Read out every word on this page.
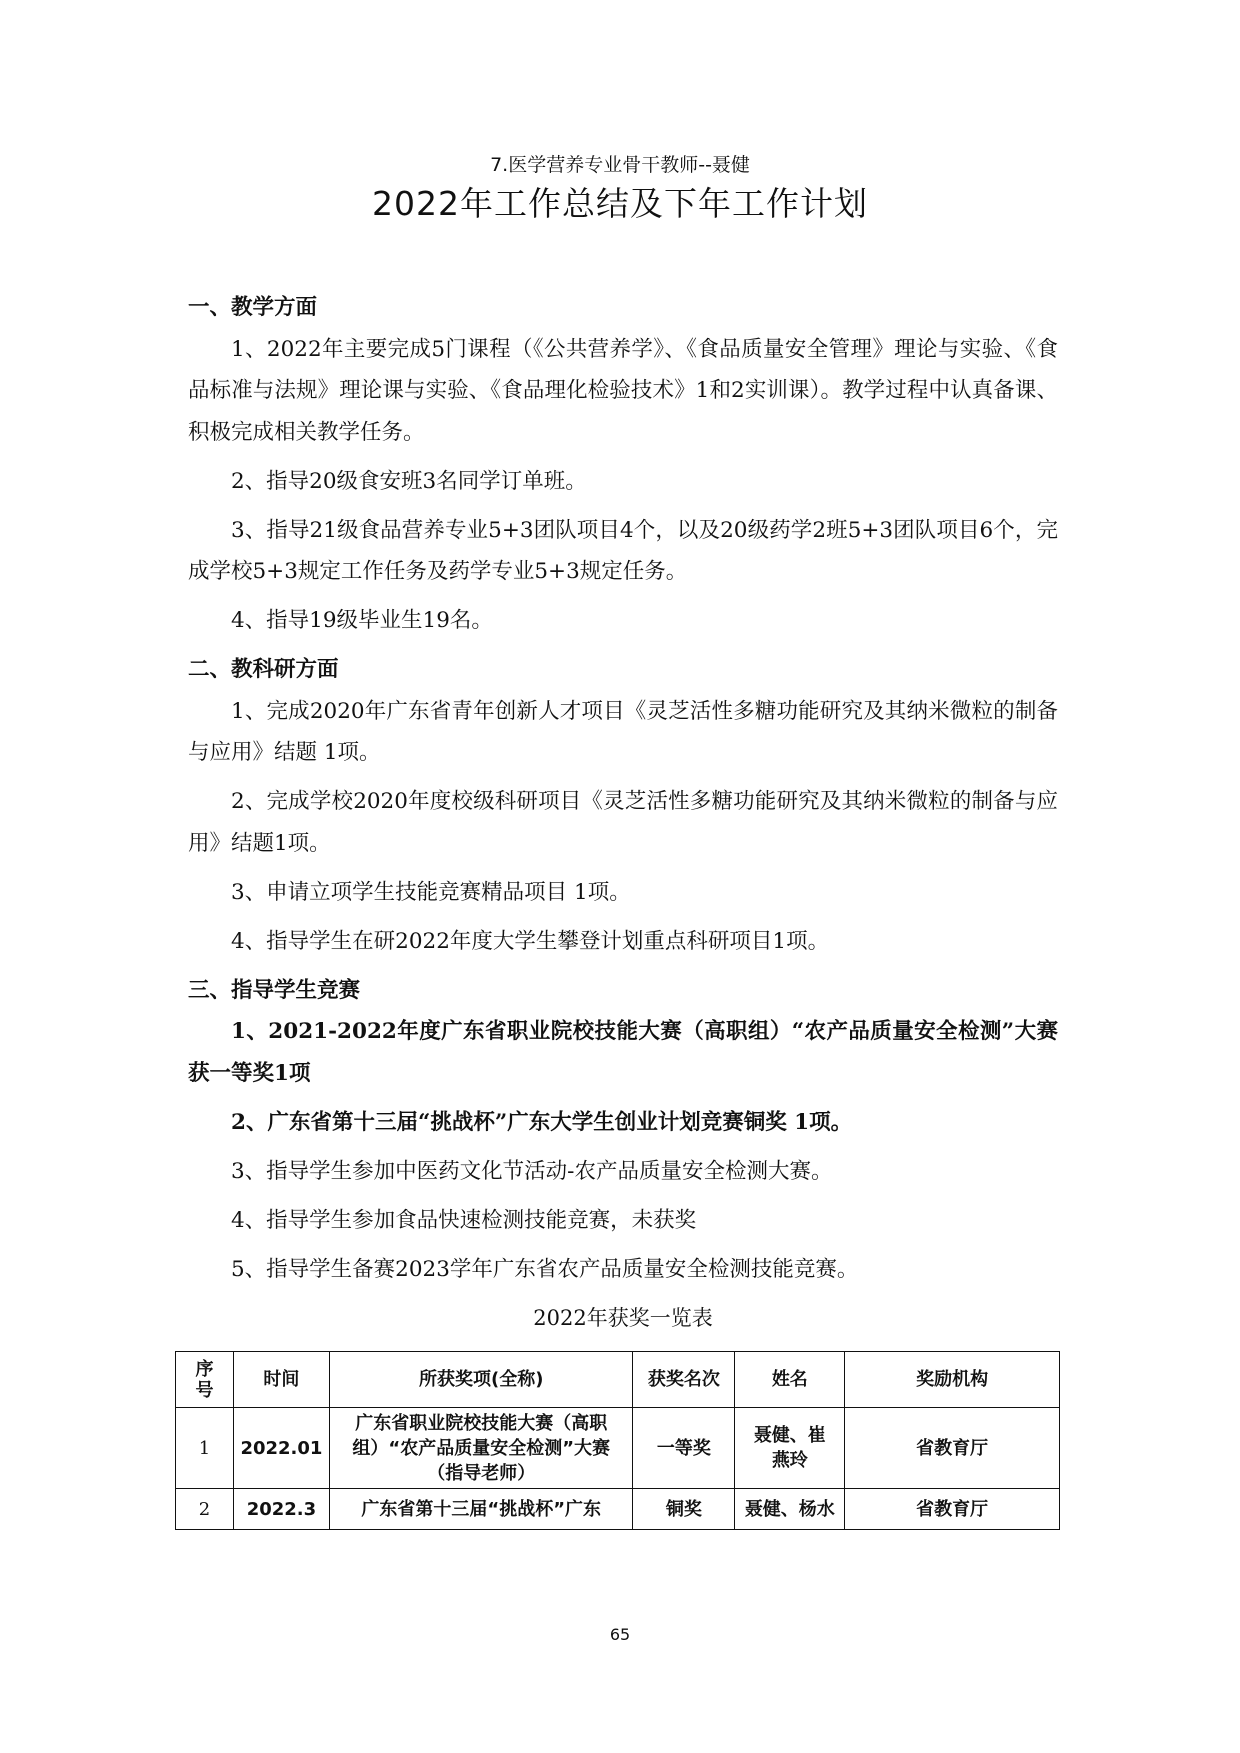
7.医学营养专业骨干教师--聂健
2022年工作总结及下年工作计划

一、教学方面

1、2022年主要完成5门课程（《公共营养学》、《食品质量安全管理》理论与实验、《食品标准与法规》理论课与实验、《食品理化检验技术》1和2实训课）。教学过程中认真备课、积极完成相关教学任务。

2、指导20级食安班3名同学订单班。

3、指导21级食品营养专业5+3团队项目4个，以及20级药学2班5+3团队项目6个，完成学校5+3规定工作任务及药学专业5+3规定任务。

4、指导19级毕业生19名。

二、教科研方面

1、完成2020年广东省青年创新人才项目《灵芝活性多糖功能研究及其纳米微粒的制备与应用》结题 1项。

2、完成学校2020年度校级科研项目《灵芝活性多糖功能研究及其纳米微粒的制备与应用》结题1项。

3、申请立项学生技能竞赛精品项目 1项。

4、指导学生在研2022年度大学生攀登计划重点科研项目1项。

三、指导学生竞赛

1、2021-2022年度广东省职业院校技能大赛（高职组）“农产品质量安全检测”大赛 获一等奖1项

2、广东省第十三届“挑战杯”广东大学生创业计划竞赛铜奖 1项。

3、指导学生参加中医药文化节活动-农产品质量安全检测大赛。

4、指导学生参加食品快速检测技能竞赛，未获奖

5、指导学生备赛2023学年广东省农产品质量安全检测技能竞赛。

2022年获奖一览表
序号	时间	所获奖项(全称)	获奖名次	姓名	奖励机构
1	2022.01	广东省职业院校技能大赛（高职组）“农产品质量安全检测”大赛（指导老师）	一等奖	聂健、崔燕玲	省教育厅
2	2022.3	广东省第十三届“挑战杯”广东	铜奖	聂健、杨水	省教育厅
65
